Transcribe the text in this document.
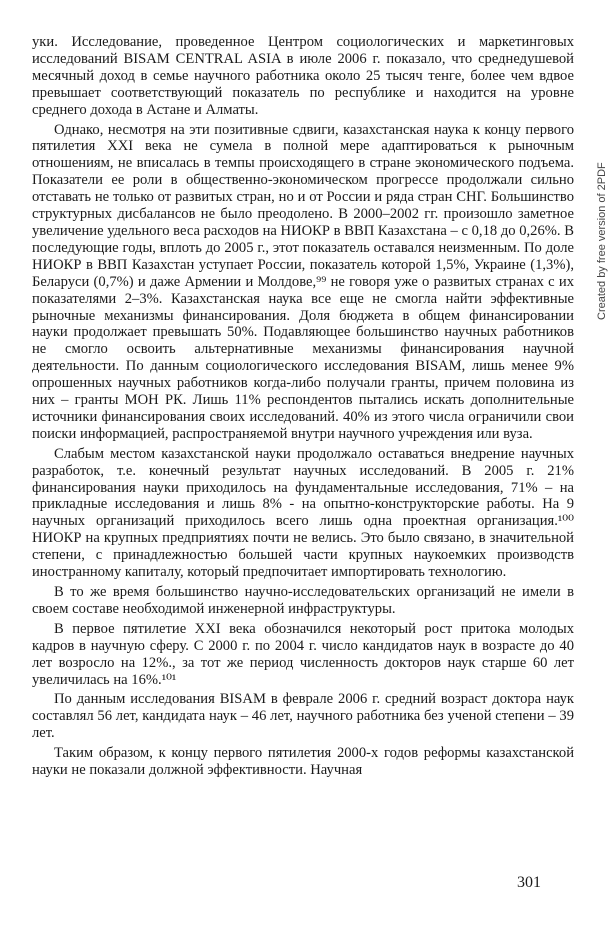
уки. Исследование, проведенное Центром социологических и маркетинговых исследований BISAM CENTRAL ASIA в июле 2006 г. показало, что среднедушевой месячный доход в семье научного работника около 25 тысяч тенге, более чем вдвое превышает соответствующий показатель по республике и находится на уровне среднего дохода в Астане и Алматы.

Однако, несмотря на эти позитивные сдвиги, казахстанская наука к концу первого пятилетия XXI века не сумела в полной мере адаптироваться к рыночным отношениям, не вписалась в темпы происходящего в стране экономического подъема. Показатели ее роли в общественно-экономическом прогрессе продолжали сильно отставать не только от развитых стран, но и от России и ряда стран СНГ. Большинство структурных дисбалансов не было преодолено. В 2000–2002 гг. произошло заметное увеличение удельного веса расходов на НИОКР в ВВП Казахстана – с 0,18 до 0,26%. В последующие годы, вплоть до 2005 г., этот показатель оставался неизменным. По доле НИОКР в ВВП Казахстан уступает России, показатель которой 1,5%, Украине (1,3%), Беларуси (0,7%) и даже Армении и Молдове,⁹⁹ не говоря уже о развитых странах с их показателями 2–3%. Казахстанская наука все еще не смогла найти эффективные рыночные механизмы финансирования. Доля бюджета в общем финансировании науки продолжает превышать 50%. Подавляющее большинство научных работников не смогло освоить альтернативные механизмы финансирования научной деятельности. По данным социологического исследования BISAM, лишь менее 9% опрошенных научных работников когда-либо получали гранты, причем половина из них – гранты МОН РК. Лишь 11% респондентов пытались искать дополнительные источники финансирования своих исследований. 40% из этого числа ограничили свои поиски информацией, распространяемой внутри научного учреждения или вуза.

Слабым местом казахстанской науки продолжало оставаться внедрение научных разработок, т.е. конечный результат научных исследований. В 2005 г. 21% финансирования науки приходилось на фундаментальные исследования, 71% – на прикладные исследования и лишь 8% - на опытно-конструкторские работы. На 9 научных организаций приходилось всего лишь одна проектная организация.¹⁰⁰ НИОКР на крупных предприятиях почти не велись. Это было связано, в значительной степени, с принадлежностью большей части крупных наукоемких производств иностранному капиталу, который предпочитает импортировать технологию.

В то же время большинство научно-исследовательских организаций не имели в своем составе необходимой инженерной инфраструктуры.

В первое пятилетие XXI века обозначился некоторый рост притока молодых кадров в научную сферу. С 2000 г. по 2004 г. число кандидатов наук в возрасте до 40 лет возросло на 12%., за тот же период численность докторов наук старше 60 лет увеличилась на 16%.¹⁰¹

По данным исследования BISAM в феврале 2006 г. средний возраст доктора наук составлял 56 лет, кандидата наук – 46 лет, научного работника без ученой степени – 39 лет.

Таким образом, к концу первого пятилетия 2000-х годов реформы казахстанской науки не показали должной эффективности. Научная

301
Created by free version of 2PDF
